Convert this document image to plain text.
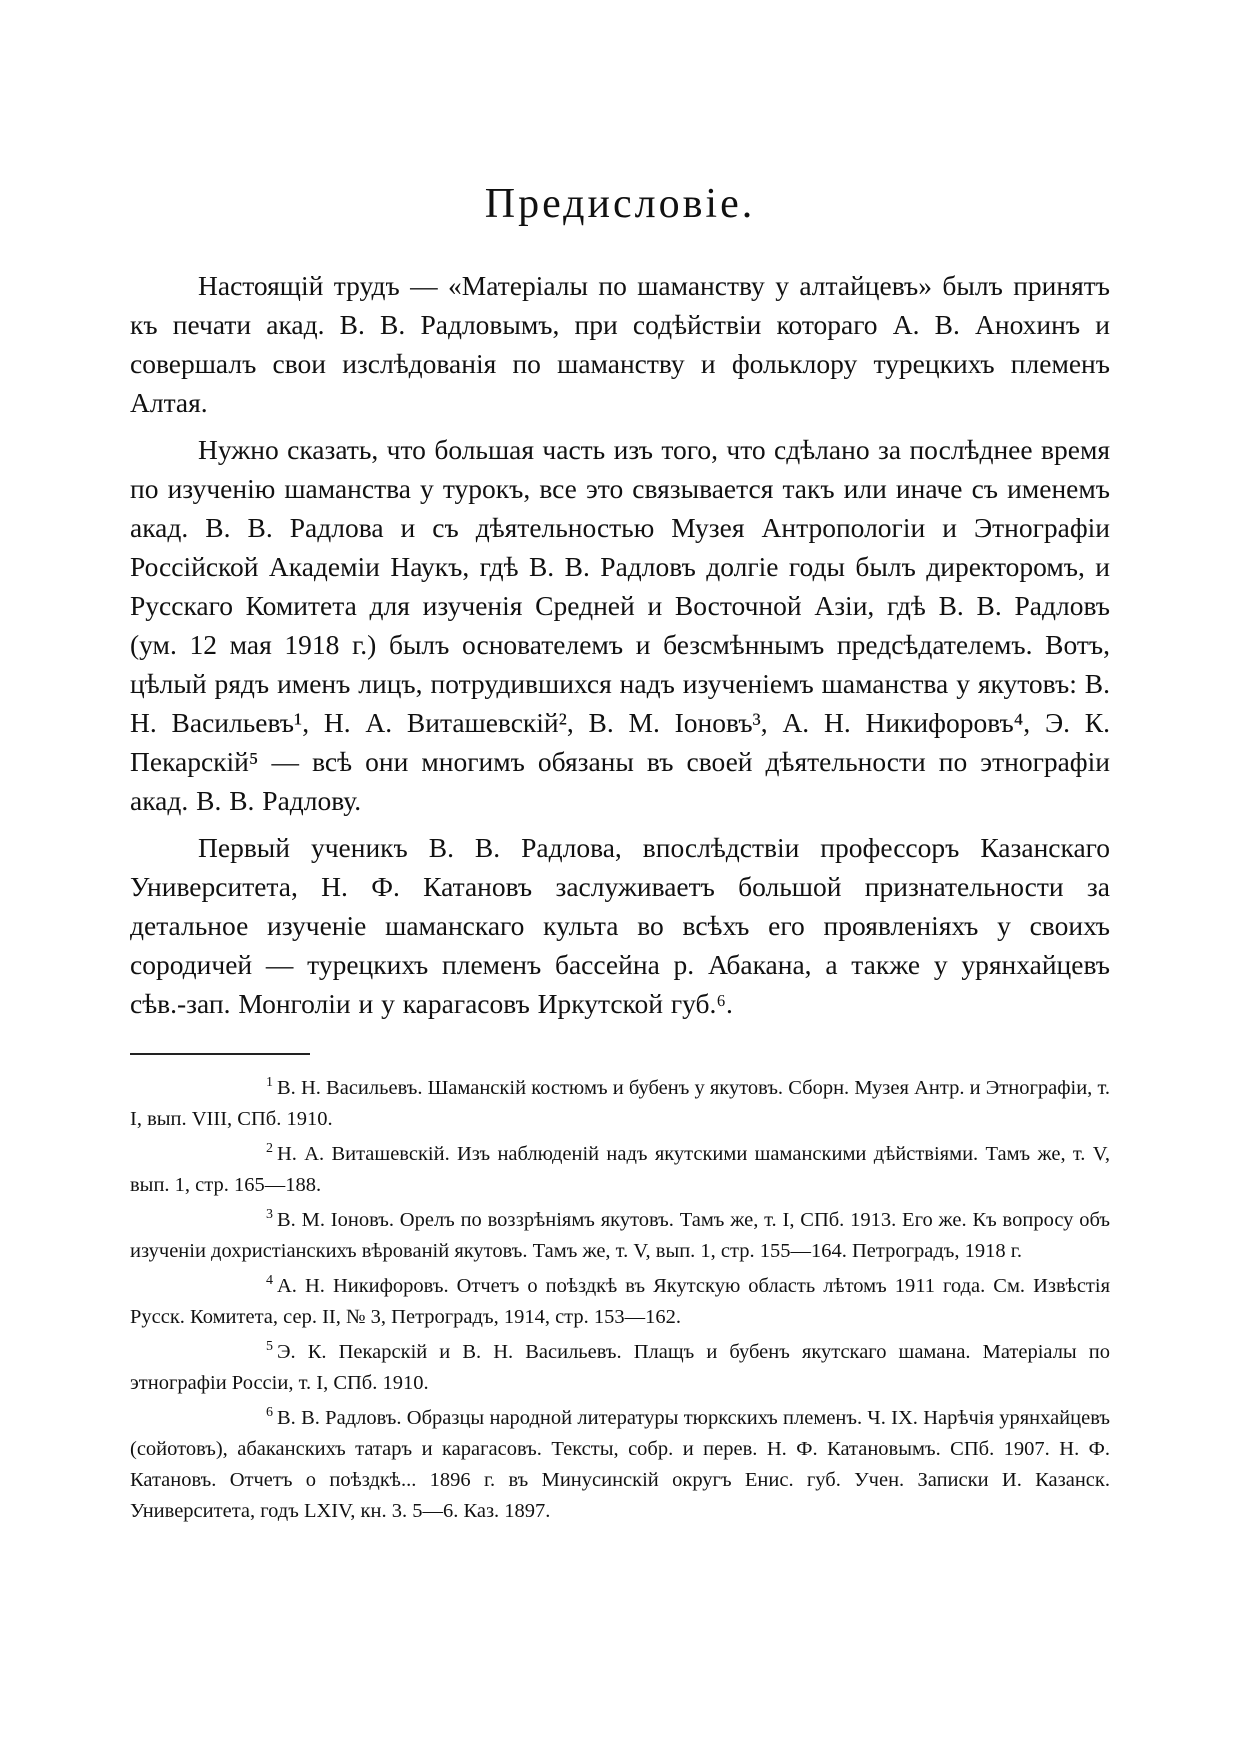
Предисловіе.

Настоящій трудъ — «Матеріалы по шаманству у алтайцевъ» былъ принятъ къ печати акад. В. В. Радловымъ, при содѣйствіи котораго А. В. Анохинъ и совершалъ свои изслѣдованія по шаманству и фольклору турецкихъ племенъ Алтая.

Нужно сказать, что большая часть изъ того, что сдѣлано за послѣднее время по изученію шаманства у турокъ, все это связывается такъ или иначе съ именемъ акад. В. В. Радлова и съ дѣятельностью Музея Антропологіи и Этнографіи Россійской Академіи Наукъ, гдѣ В. В. Радловъ долгіе годы былъ директоромъ, и Русскаго Комитета для изученія Средней и Восточной Азіи, гдѣ В. В. Радловъ (ум. 12 мая 1918 г.) былъ основателемъ и безсмѣннымъ предсѣдателемъ. Вотъ, цѣлый рядъ именъ лицъ, потрудившихся надъ изученіемъ шаманства у якутовъ: В. Н. Васильевъ¹, Н. А. Виташевскій², В. М. Іоновъ³, А. Н. Никифоровъ⁴, Э. К. Пекарскій⁵ — всѣ они многимъ обязаны въ своей дѣятельности по этнографіи акад. В. В. Радлову.

Первый ученикъ В. В. Радлова, впослѣдствіи профессоръ Казанскаго Университета, Н. Ф. Катановъ заслуживаетъ большой признательности за детальное изученіе шаманскаго культа во всѣхъ его проявленіяхъ у своихъ сородичей — турецкихъ племенъ бассейна р. Абакана, а также у урянхайцевъ сѣв.-зап. Монголіи и у карагасовъ Иркутской губ.⁶.

1 В. Н. Васильевъ. Шаманскій костюмъ и бубенъ у якутовъ. Сборн. Музея Антр. и Этнографіи, т. I, вып. VIII, СПб. 1910.

2 Н. А. Виташевскій. Изъ наблюденій надъ якутскими шаманскими дѣйствіями. Тамъ же, т. V, вып. 1, стр. 165—188.

3 В. М. Іоновъ. Орелъ по воззрѣніямъ якутовъ. Тамъ же, т. I, СПб. 1913. Его же. Къ вопросу объ изученіи дохристіанскихъ вѣрованій якутовъ. Тамъ же, т. V, вып. 1, стр. 155—164. Петроградъ, 1918 г.

4 А. Н. Никифоровъ. Отчетъ о поѣздкѣ въ Якутскую область лѣтомъ 1911 года. См. Извѣстія Русск. Комитета, сер. II, № 3, Петроградъ, 1914, стр. 153—162.

5 Э. К. Пекарскій и В. Н. Васильевъ. Плащъ и бубенъ якутскаго шамана. Матеріалы по этнографіи Россіи, т. I, СПб. 1910.

6 В. В. Радловъ. Образцы народной литературы тюркскихъ племенъ. Ч. IX. Нарѣчія урянхайцевъ (сойотовъ), абаканскихъ татаръ и карагасовъ. Тексты, собр. и перев. Н. Ф. Катановымъ. СПб. 1907. Н. Ф. Катановъ. Отчетъ о поѣздкѣ... 1896 г. въ Минусинскій округъ Енис. губ. Учен. Записки И. Казанск. Университета, годъ LXIV, кн. 3. 5—6. Каз. 1897.
